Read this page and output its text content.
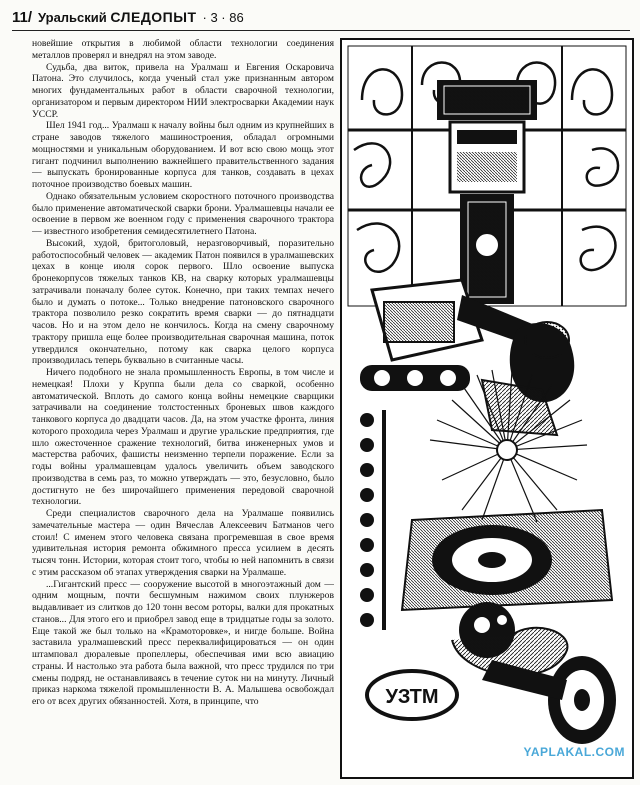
11/ Уральский СЛЕДОПЫТ · 3 · 86

новейшие открытия в любимой области технологии соединения металлов проверял и внедрял на этом заводе.

Судьба, два виток, привела на Уралмаш и Евгения Оскаровича Патона. Это случилось, когда ученый стал уже признанным автором многих фундаментальных работ в области сварочной технологии, организатором и первым директором НИИ электросварки Академии наук УССР.

Шел 1941 год... Уралмаш к началу войны был одним из крупнейших в стране заводов тяжелого машиностроения, обладал огромными мощностями и уникальным оборудованием. И вот всю свою мощь этот гигант подчинил выполнению важнейшего правительственного задания — выпускать бронированные корпуса для танков, создавать в цехах поточное производство боевых машин.

Однако обязательным условием скоростного поточного производства было применение автоматической сварки брони. Уралмашевцы начали ее освоение в первом же военном году с применения сварочного трактора — известного изобретения семидесятилетнего Патона.

Высокий, худой, бритоголовый, неразговорчивый, поразительно работоспособный человек — академик Патон появился в уралмашевских цехах в конце июля сорок первого. Шло освоение выпуска бронекорпусов тяжелых танков КВ, на сварку которых уралмашевцы затрачивали поначалу более суток. Конечно, при таких темпах нечего было и думать о потоке... Только внедрение патоновского сварочного трактора позволило резко сократить время сварки — до пятнадцати часов. Но и на этом дело не кончилось. Когда на смену сварочному трактору пришла еще более производительная сварочная машина, поток утвердился окончательно, потому как сварка целого корпуса производилась теперь буквально в считанные часы.

Ничего подобного не знала промышленность Европы, в том числе и немецкая! Плохи у Круппа были дела со сваркой, особенно автоматической. Вплоть до самого конца войны немецкие сварщики затрачивали на соединение толстостенных броневых швов каждого танкового корпуса до двадцати часов. Да, на этом участке фронта, линия которого проходила через Уралмаш и другие уральские предприятия, где шло ожесточенное сражение технологий, битва инженерных умов и мастерства рабочих, фашисты неизменно терпели поражение. Если за годы войны уралмашевцам удалось увеличить объем заводского производства в семь раз, то можно утверждать — это, безусловно, было достигнуто не без широчайшего применения передовой сварочной технологии.

Среди специалистов сварочного дела на Уралмаше появились замечательные мастера — один Вячеслав Алексеевич Батманов чего стоил! С именем этого человека связана прогремевшая в свое время удивительная история ремонта обжимного пресса усилием в десять тысяч тонн. Истории, которая стоит того, чтобы ю ней напомнить в связи с этим рассказом об этапах утверждения сварки на Уралмаше.

...Гигантский пресс — сооружение высотой в многоэтажный дом — одним мощным, почти бесшумным нажимом своих плунжеров выдавливает из слитков до 120 тонн весом роторы, валки для прокатных станов... Для этого его и приобрел завод еще в тридцатые годы за золото. Еще такой же был только на «Крамоторовке», и нигде больше. Война заставила уралмашевский пресс переквалифицироваться — он один штамповал дюралевые пропеллеры, обеспечивая ими всю авиацию страны. И настолько эта работа была важной, что пресс трудился по три смены подряд, не останавливаясь в течение суток ни на минуту. Личный приказ наркома тяжелой промышленности В. А. Малышева освобождал его от всех других обязанностей. Хотя, в принципе, что	УЗТМ
YAPLAKAL.COM
